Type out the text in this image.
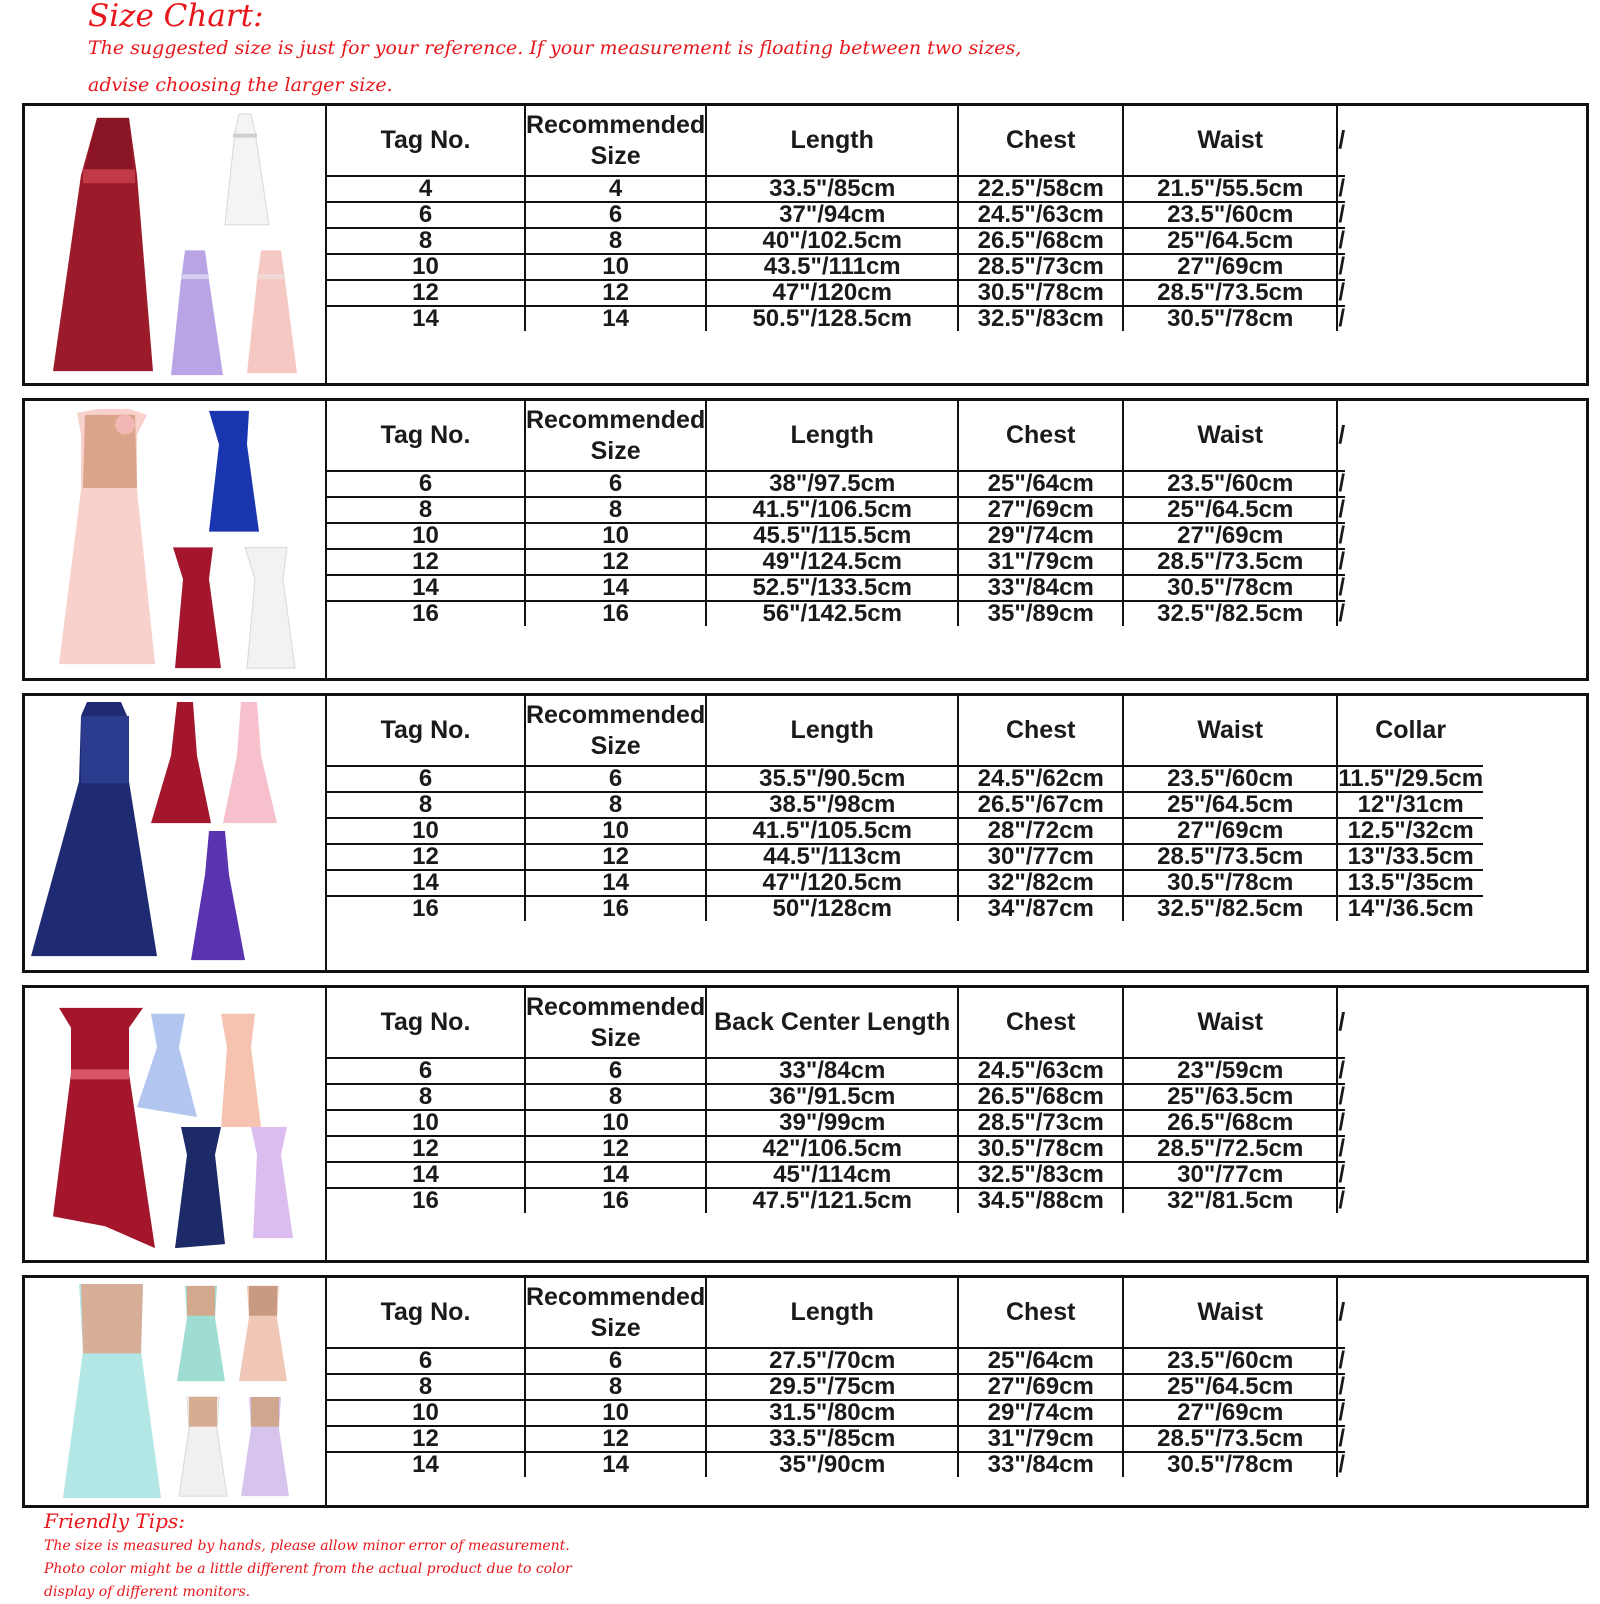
Size Chart:

The suggested size is just for your reference. If your measurement is floating between two sizes, advise choosing the larger size.

Tag No.	Recommended Size	Length	Chest	Waist	/
4	4	33.5"/85cm	22.5"/58cm	21.5"/55.5cm	/
6	6	37"/94cm	24.5"/63cm	23.5"/60cm	/
8	8	40"/102.5cm	26.5"/68cm	25"/64.5cm	/
10	10	43.5"/111cm	28.5"/73cm	27"/69cm	/
12	12	47"/120cm	30.5"/78cm	28.5"/73.5cm	/
14	14	50.5"/128.5cm	32.5"/83cm	30.5"/78cm	/
Tag No.	Recommended Size	Length	Chest	Waist	/
6	6	38"/97.5cm	25"/64cm	23.5"/60cm	/
8	8	41.5"/106.5cm	27"/69cm	25"/64.5cm	/
10	10	45.5"/115.5cm	29"/74cm	27"/69cm	/
12	12	49"/124.5cm	31"/79cm	28.5"/73.5cm	/
14	14	52.5"/133.5cm	33"/84cm	30.5"/78cm	/
16	16	56"/142.5cm	35"/89cm	32.5"/82.5cm	/
Tag No.	Recommended Size	Length	Chest	Waist	Collar
6	6	35.5"/90.5cm	24.5"/62cm	23.5"/60cm	11.5"/29.5cm
8	8	38.5"/98cm	26.5"/67cm	25"/64.5cm	12"/31cm
10	10	41.5"/105.5cm	28"/72cm	27"/69cm	12.5"/32cm
12	12	44.5"/113cm	30"/77cm	28.5"/73.5cm	13"/33.5cm
14	14	47"/120.5cm	32"/82cm	30.5"/78cm	13.5"/35cm
16	16	50"/128cm	34"/87cm	32.5"/82.5cm	14"/36.5cm
Tag No.	Recommended Size	Back Center Length	Chest	Waist	/
6	6	33"/84cm	24.5"/63cm	23"/59cm	/
8	8	36"/91.5cm	26.5"/68cm	25"/63.5cm	/
10	10	39"/99cm	28.5"/73cm	26.5"/68cm	/
12	12	42"/106.5cm	30.5"/78cm	28.5"/72.5cm	/
14	14	45"/114cm	32.5"/83cm	30"/77cm	/
16	16	47.5"/121.5cm	34.5"/88cm	32"/81.5cm	/
Tag No.	Recommended Size	Length	Chest	Waist	/
6	6	27.5"/70cm	25"/64cm	23.5"/60cm	/
8	8	29.5"/75cm	27"/69cm	25"/64.5cm	/
10	10	31.5"/80cm	29"/74cm	27"/69cm	/
12	12	33.5"/85cm	31"/79cm	28.5"/73.5cm	/
14	14	35"/90cm	33"/84cm	30.5"/78cm	/

Friendly Tips:

The size is measured by hands, please allow minor error of measurement.
Photo color might be a little different from the actual product due to color display of different monitors.
